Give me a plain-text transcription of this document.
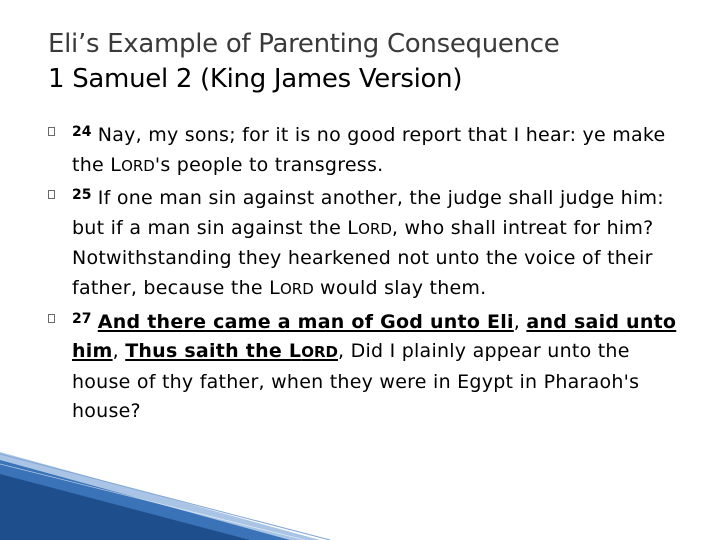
Eli’s Example of Parenting Consequence
1 Samuel 2 (King James Version)
$^{24}$ Nay, my sons; for it is no good report that I hear: ye make the LORD's people to transgress.
$^{25}$ If one man sin against another, the judge shall judge him: but if a man sin against the LORD, who shall intreat for him? Notwithstanding they hearkened not unto the voice of their father, because the LORD would slay them.
$^{27}$ And there came a man of God unto Eli, and said unto him, Thus saith the LORD, Did I plainly appear unto the house of thy father, when they were in Egypt in Pharaoh's house?
